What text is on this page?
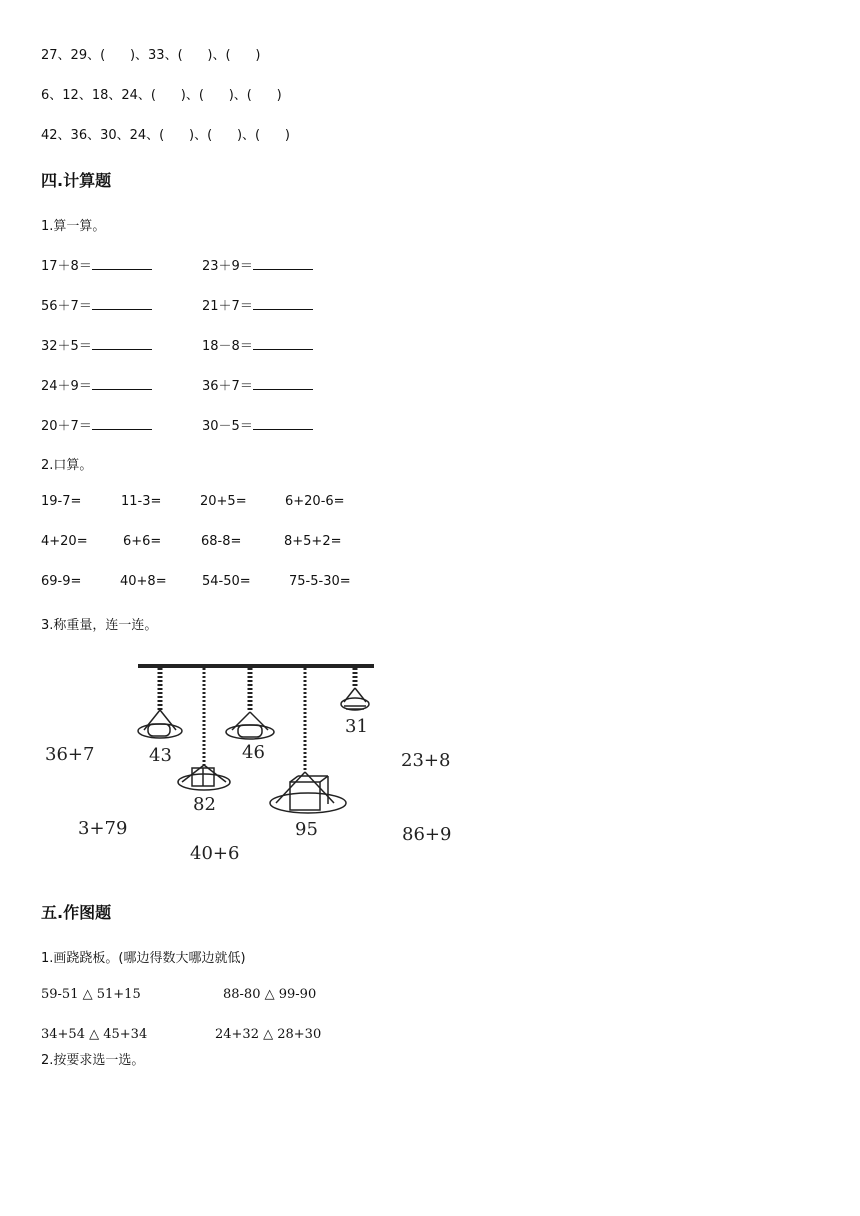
27、29、(      )、33、(      )、(      )
6、12、18、24、(      )、(      )、(      )
42、36、30、24、(      )、(      )、(      )
四.计算题
1.算一算。
17＋8＝	23＋9＝
56＋7＝	21＋7＝
32＋5＝	18－8＝
24＋9＝	36＋7＝
20＋7＝	30－5＝
2.口算。
19-7=	11-3=	20+5=	6+20-6=
4+20=	6+6=	68-8=	8+5+2=
69-9=	40+8=	54-50=	75-5-30=
3.称重量，连一连。
43
82
46
95
31
36+7
3+79
40+6
23+8
86+9
五.作图题
1.画跷跷板。(哪边得数大哪边就低)
59-51 △ 51+15	88-80 △ 99-90
34+54 △ 45+34	24+32 △ 28+30
2.按要求选一选。
